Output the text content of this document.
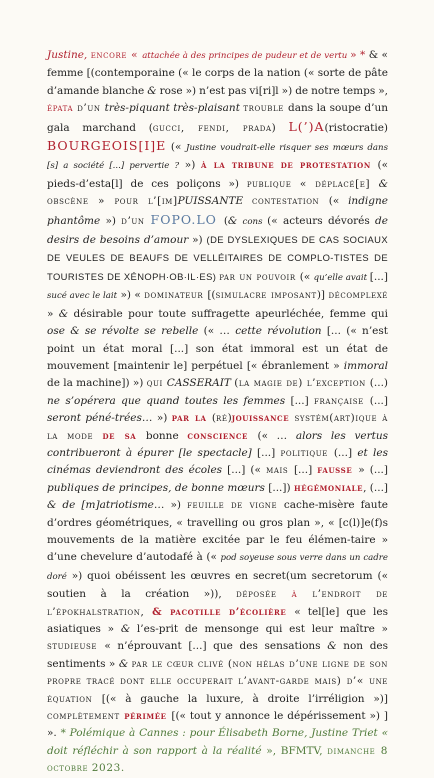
Justine, encore « attachée à des principes de pudeur et de vertu » * & « femme [(contemporaine (« le corps de la nation (« sorte de pâte d’amande blanche & rose ») n’est pas vi[ri]l ») de notre temps », épata d’un très-piquant très-plaisant trouble dans la soupe d’un gala marchand (gucci, fendi, prada) L(’)A(ristocratie) BOURGEOIS[I]E (« Justine voudrait-elle risquer ses mœurs dans [s] a société [...] pervertie ? ») à la tribune de protestation (« pieds-d’esta[l] de ces poliçons ») publique « déplacé[e] & obscène » pour l’[im]PUISSANTE contestation (« indigne phantôme ») d’un FOPO.LO (& cons (« acteurs dévorés de desirs de besoins d’amour ») (DE DYSLEXIQUES DE CAS SOCIAUX DE VEULES DE BEAUFS DE VELLÉITAIRES DE COMPLO-TISTES DE TOURISTES DE XÉNOPH·OB·IL·ES) par un pouvoir (« qu’elle avait [...] sucé avec le lait ») « dominateur [(simulacre imposant)] décomplexé » & désirable pour toute suffragette apeurléchée, femme qui ose & se révolte se rebelle (« … cette révolution [... (« n’est point un état moral [...] son état immoral est un état de mouvement [maintenir le] perpétuel [« ébranlement » immoral de la machine]) ») qui CASSERAIT (la magie de) l’exception (...) ne s’opérera que quand toutes les femmes [...] française (...] seront péné-trées… ») par la (ré)jouissance systém(art)ique à la mode de sa bonne conscience (« … alors les vertus contribueront à épurer [le spectacle] [...] politique (...] et les cinémas deviendront des écoles [...] (« mais [...] fausse » (...] publiques de principes, de bonne mœurs [...]) hégémoniale, (...] & de [m]atriotisme… ») feuille de vigne cache-misère faute d’ordres géométriques, « travelling ou gros plan », « [c(l)]e(f)s mouvements de la matière excitée par le feu élémen-taire » d’une chevelure d’autodafé à (« pod soyeuse sous verre dans un cadre doré ») quoi obéissent les œuvres en secret(um secretorum (« soutien à la création »)), déposée à l’endroit de l’épokhalstration, & pacotille d’écolière « tel[le] que les asiatiques » & l’es-prit de mensonge qui est leur maître » studieuse « n’éprouvant [...] que des sensations & non des sentiments » & par le cœur clivé (non hélas d’une ligne de son propre tracé dont elle occuperait l’avant-garde mais) d’« une équation [(« à gauche la luxure, à droite l’irréligion »)] complètement périmée [(« tout y annonce le dépérissement ») ] ». * Polémique à Cannes : pour Élisabeth Borne, Justine Triet « doit réfléchir à son rapport à la réalité », BFMTV, dimanche 8 octobre 2023.
